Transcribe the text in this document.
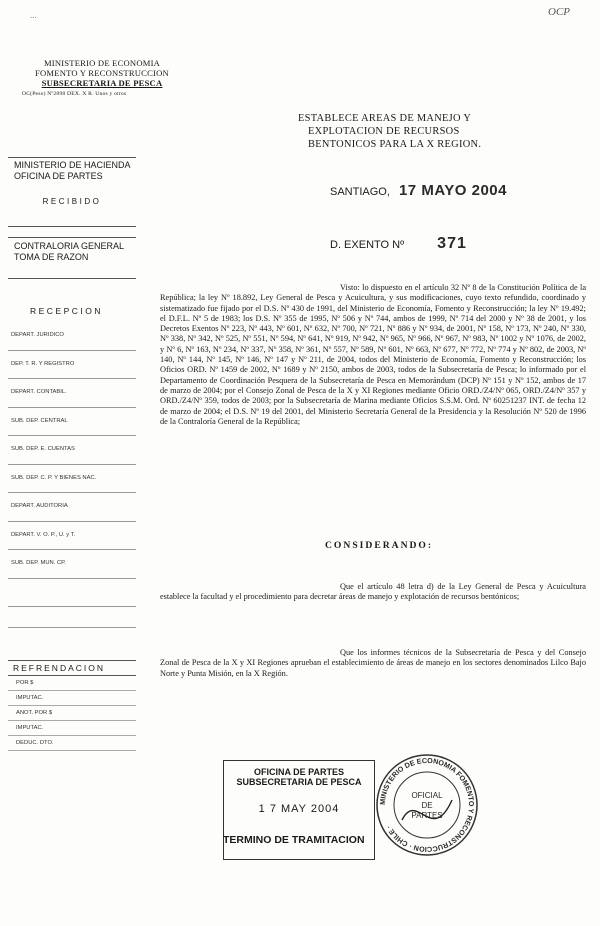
OCP
...
MINISTERIO DE ECONOMIA
FOMENTO Y RECONSTRUCCION
SUBSECRETARIA DE PESCA
OC(Peso) Nº2898 DEX. X R. Unos y otros
ESTABLECE AREAS DE MANEJO Y
EXPLOTACION DE RECURSOS
BENTONICOS PARA LA X REGION.
SANTIAGO, 17 MAYO 2004
D. EXENTO Nº 371
MINISTERIO DE HACIENDA
OFICINA DE PARTES
RECIBIDO
CONTRALORIA GENERAL
TOMA DE RAZON
RECEPCION
DEPART. JURIDICO
DEP. T. R. Y REGISTRO
DEPART. CONTABIL.
SUB. DEP. CENTRAL
SUB. DEP. E. CUENTAS
SUB. DEP. C. P. Y BIENES NAC.
DEPART. AUDITORIA
DEPART. V. O. P., U. y T.
SUB. DEP. MUN. CP.
REFRENDACION
POR $
IMPUTAC.
ANOT. POR $
IMPUTAC.
DEDUC. DTO.
Visto: lo dispuesto en el artículo 32 Nº 8 de la Constitución Política de la República; la ley Nº 18.892, Ley General de Pesca y Acuicultura, y sus modificaciones, cuyo texto refundido, coordinado y sistematizado fue fijado por el D.S. Nº 430 de 1991, del Ministerio de Economía, Fomento y Reconstrucción; la ley Nº 19.492; el D.F.L. Nº 5 de 1983; los D.S. Nº 355 de 1995, Nº 506 y Nº 744, ambos de 1999, Nº 714 del 2000 y Nº 38 de 2001, y los Decretos Exentos Nº 223, Nº 443, Nº 601, Nº 632, Nº 700, Nº 721, Nº 886 y Nº 934, de 2001, Nº 158, Nº 173, Nº 240, Nº 330, Nº 338, Nº 342, Nº 525, Nº 551, Nº 594, Nº 641, Nº 919, Nº 942, Nº 965, Nº 966, Nº 967, Nº 983, Nº 1002 y Nº 1076, de 2002, y Nº 6, Nº 163, Nº 234, Nº 337, Nº 358, Nº 361, Nº 557, Nº 589, Nº 601, Nº 663, Nº 677, Nº 772, Nº 774 y Nº 802, de 2003, Nº 140, Nº 144, Nº 145, Nº 146, Nº 147 y Nº 211, de 2004, todos del Ministerio de Economía, Fomento y Reconstrucción; los Oficios ORD. Nº 1459 de 2002, Nº 1689 y Nº 2150, ambos de 2003, todos de la Subsecretaría de Pesca; lo informado por el Departamento de Coordinación Pesquera de la Subsecretaría de Pesca en Memorándum (DCP) Nº 151 y Nº 152, ambos de 17 de marzo de 2004; por el Consejo Zonal de Pesca de la X y XI Regiones mediante Oficio ORD./Z4/Nº 065, ORD./Z4/Nº 357 y ORD./Z4/Nº 359, todos de 2003; por la Subsecretaría de Marina mediante Oficios S.S.M. Ord. Nº 60251237 INT. de fecha 12 de marzo de 2004; el D.S. Nº 19 del 2001, del Ministerio Secretaría General de la Presidencia y la Resolución Nº 520 de 1996 de la Contraloría General de la República;
CONSIDERANDO:
Que el artículo 48 letra d) de la Ley General de Pesca y Acuicultura establece la facultad y el procedimiento para decretar áreas de manejo y explotación de recursos bentónicos;
Que los informes técnicos de la Subsecretaría de Pesca y del Consejo Zonal de Pesca de la X y XI Regiones aprueban el establecimiento de áreas de manejo en los sectores denominados Lilco Bajo Norte y Punta Misión, en la X Región.
OFICINA DE PARTES
SUBSECRETARIA DE PESCA
1 7 MAY 2004
TERMINO DE TRAMITACION
MINISTERIO DE ECONOMIA FOMENTO Y RECONSTRUCCION · CHILE ·
OFICIAL
DE
PARTES
